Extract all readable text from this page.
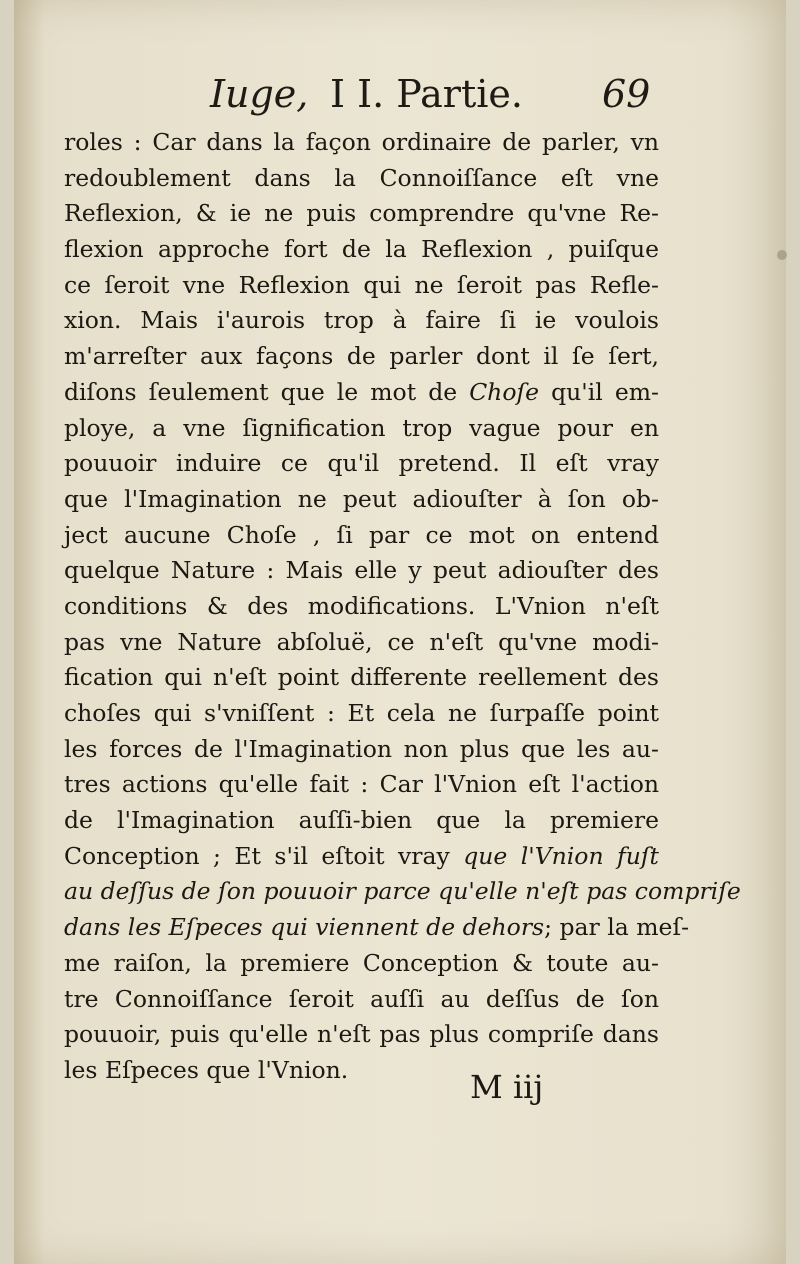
Iuge, I I. Partie. 69
roles : Car dans la façon ordinaire de parler, vn
redoublement dans la Connoiſſance eſt vne
Reflexion, & ie ne puis comprendre qu'vne Re-
flexion approche fort de la Reflexion , puiſque
ce ſeroit vne Reflexion qui ne ſeroit pas Refle-
xion. Mais i'aurois trop à faire ſi ie voulois
m'arreſter aux façons de parler dont il ſe ſert,
diſons ſeulement que le mot de Choſe qu'il em-
ploye, a vne ſignification trop vague pour en
pouuoir induire ce qu'il pretend. Il eſt vray
que l'Imagination ne peut adiouſter à ſon ob-
ject aucune Choſe , ſi par ce mot on entend
quelque Nature : Mais elle y peut adiouſter des
conditions & des modifications. L'Vnion n'eſt
pas vne Nature abſoluë, ce n'eſt qu'vne modi-
fication qui n'eſt point differente reellement des
choſes qui s'vniſſent : Et cela ne ſurpaſſe point
les forces de l'Imagination non plus que les au-
tres actions qu'elle fait : Car l'Vnion eſt l'action
de l'Imagination auſſi-bien que la premiere
Conception ; Et s'il eſtoit vray que l'Vnion fuſt
au deſſus de ſon pouuoir parce qu'elle n'eſt pas compriſe
dans les Eſpeces qui viennent de dehors; par la meſ-
me raiſon, la premiere Conception & toute au-
tre Connoiſſance ſeroit auſſi au deſſus de ſon
pouuoir, puis qu'elle n'eſt pas plus compriſe dans
les Eſpeces que l'Vnion.	M iij
